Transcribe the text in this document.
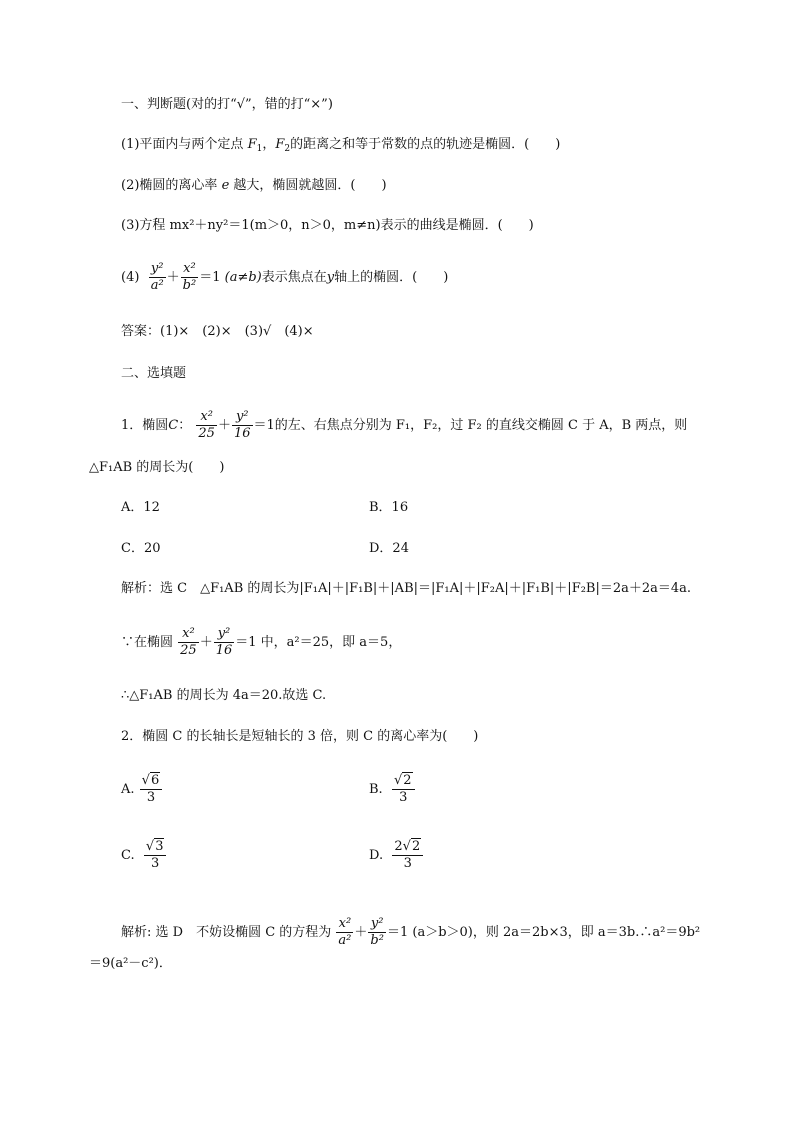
一、判断题(对的打“√”，错的打“×”)
(1)平面内与两个定点 $F_1$，$F_2$的距离之和等于常数的点的轨迹是椭圆．(　　)
(2)椭圆的离心率 e 越大，椭圆就越圆．(　　)
(3)方程 mx²＋ny²＝1(m＞0，n＞0，m≠n)表示的曲线是椭圆．(　　)
$(4) \frac{\text{y²}}{\text{a²}} + \frac{\text{x²}}{\text{b²}} =1$ (a≠b)表示焦点在y轴上的椭圆．(　　)
答案：(1)×　(2)×　(3)√　(4)×
二、选填题
1．椭圆C： $\frac{\text{x²}}{25} + \frac{\text{y²}}{16} =1$的左、右焦点分别为 F₁，F₂，过 F₂ 的直线交椭圆 C 于 A，B 两点，则
△F₁AB 的周长为(　　)
A．12	B．16
C．20	D．24
解析：选 C　△F₁AB 的周长为|F₁A|＋|F₁B|＋|AB|＝|F₁A|＋|F₂A|＋|F₁B|＋|F₂B|＝2a＋2a＝4a.
∵在椭圆 $\frac{\text{x²}}{25} + \frac{\text{y²}}{16} =1$ 中，a²＝25，即 a＝5，
∴△F₁AB 的周长为 4a＝20.故选 C.
2．椭圆 C 的长轴长是短轴长的 3 倍，则 C 的离心率为(　　)
A. $\frac{√6}{3}$	B. $\frac{√2}{3}$
C. $\frac{√3}{3}$	D. $\frac{2√2}{3}$
解析: 选 D　不妨设椭圆 C 的方程为 $\frac{\text{x²}}{\text{a²}} + \frac{\text{y²}}{\text{b²}} =1$ (a＞b＞0)，则 2a＝2b×3，即 a＝3b.∴a²＝9b²
＝9(a²－c²)．
